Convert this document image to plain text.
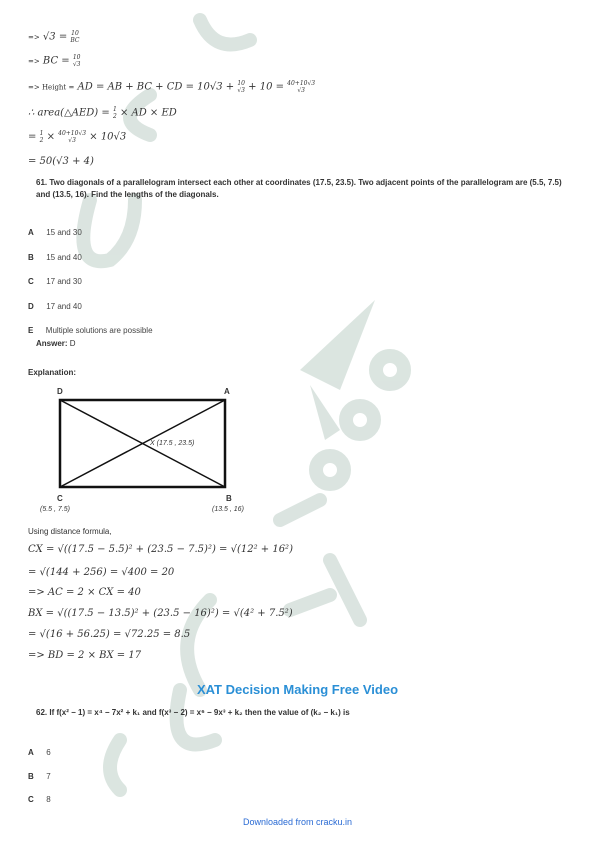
=> √3 = 10
BC
=> BC = 10
√3
=> Height = AD = AB + BC + CD = 10√3 + 10
√3 + 10 = 40+10√3
√3
∴ area(△AED) = 1
2 × AD × ED
= 1
2 × 40+10√3
√3	× 10√3
= 50(√3 + 4)
61. Two diagonals of a parallelogram intersect each other at coordinates (17.5, 23.5). Two adjacent points of the parallelogram are (5.5, 7.5) and (13.5, 16). Find the lengths of the diagonals.
A 15 and 30
B 15 and 40
C 17 and 30
D 17 and 40
E Multiple solutions are possible
Answer: D
Explanation:
D	A
X (17.5 , 23.5)
C	B
(5.5 , 7.5)	(13.5 , 16)
Using distance formula,
CX = √((17.5 − 5.5)² + (23.5 − 7.5)²) = √(12² + 16²)
= √(144 + 256) = √400 = 20
=> AC = 2 × CX = 40
BX = √((17.5 − 13.5)² + (23.5 − 16)²) = √(4² + 7.5²)
= √(16 + 56.25) = √72.25 = 8.5
=> BD = 2 × BX = 17
XAT Decision Making Free Video
62. If f(x² − 1) = x⁴ − 7x² + k₁ and f(x³ − 2) = x⁶ − 9x³ + k₂ then the value of (k₂ − k₁) is
A 6
B 7
C 8
Downloaded from cracku.in
